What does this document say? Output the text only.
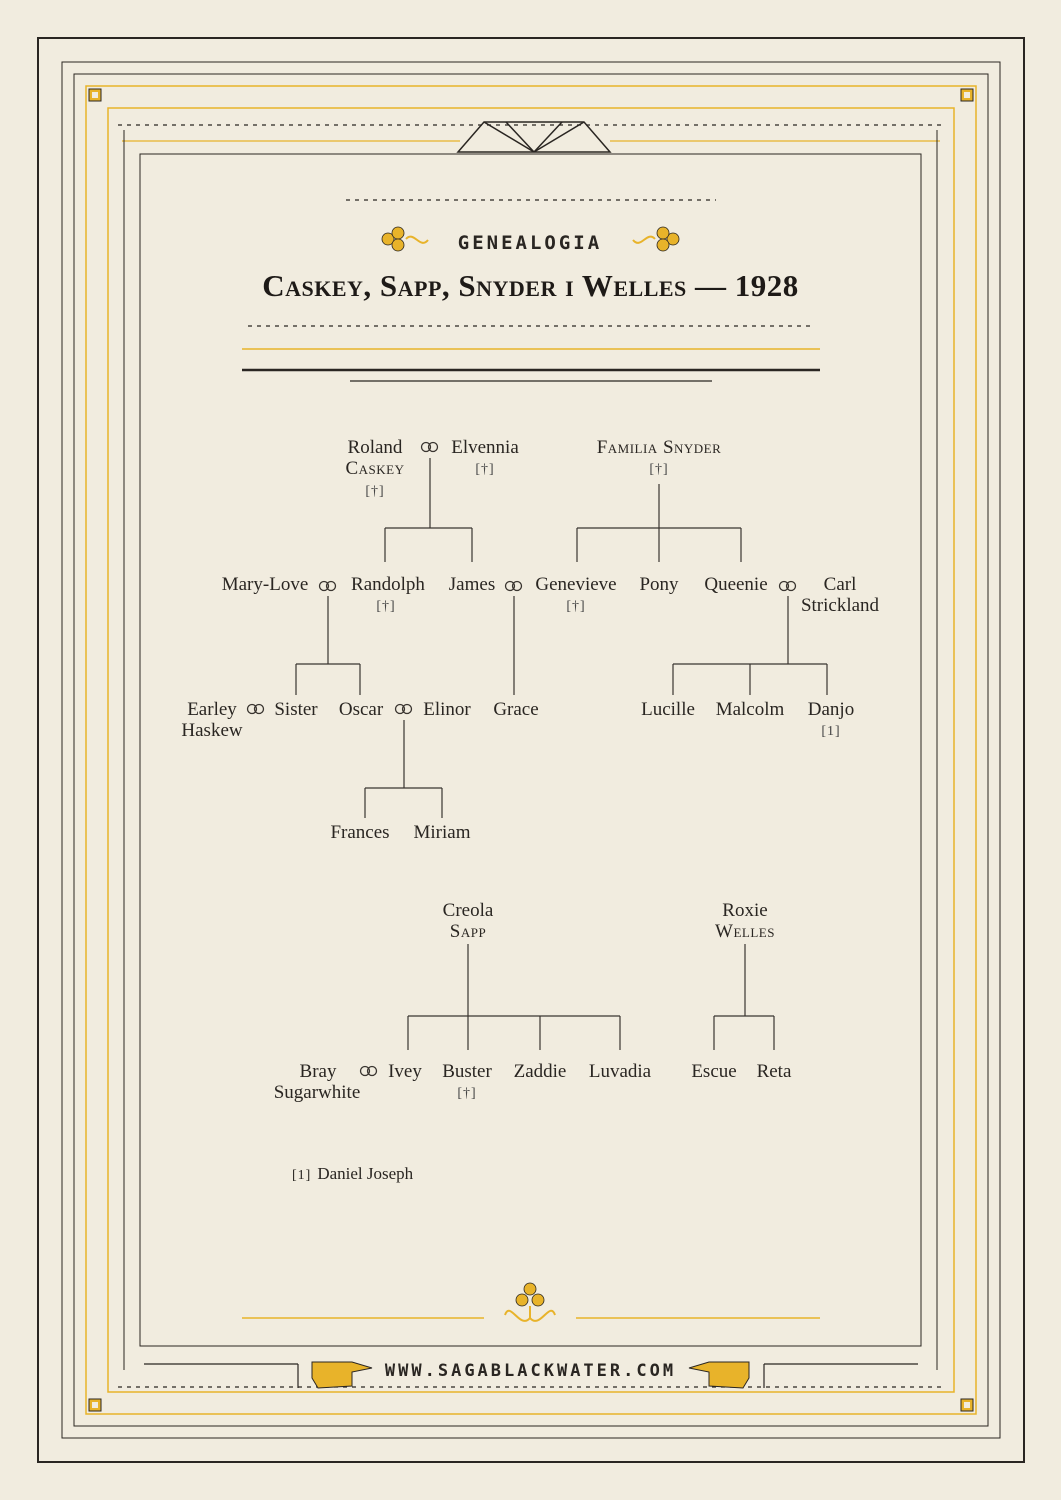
GENEALOGIA
Caskey, Sapp, Snyder i Welles — 1928
Roland
Caskey
[†]
Elvennia
[†]
Familia Snyder
[†]
Mary-Love	Randolph
[†]
James	Genevieve
[†]
Pony	Queenie	Carl
Strickland
Earley
Haskew
Sister	Oscar	Elinor	Grace	Lucille	Malcolm	Danjo
[1]
Frances	Miriam
Creola
Sapp
Roxie
Welles
Bray
Sugarwhite
Ivey	Buster
[†]
Zaddie	Luvadia	Escue	Reta
[1] Daniel Joseph
WWW.SAGABLACKWATER.COM
